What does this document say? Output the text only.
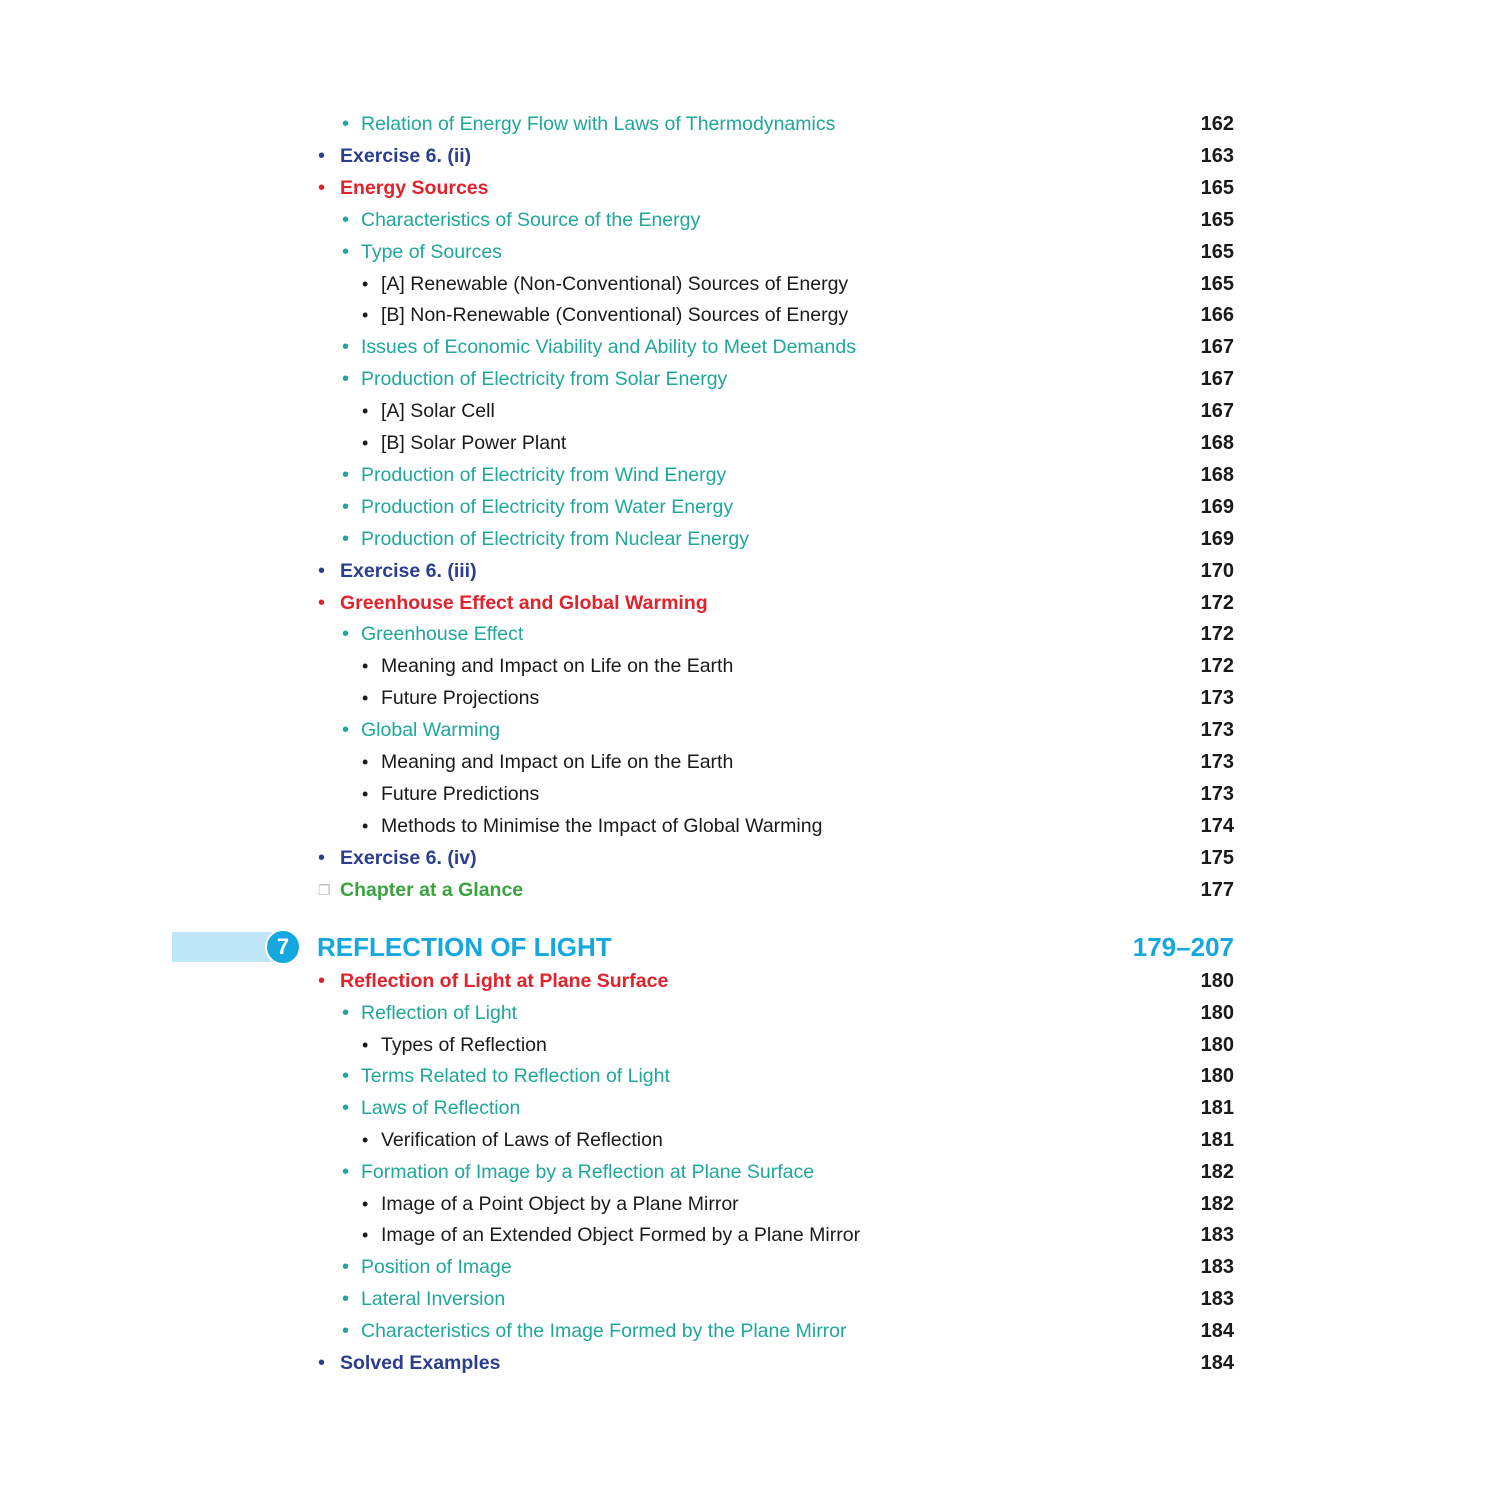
• Relation of Energy Flow with Laws of Thermodynamics	162
• Exercise 6. (ii)	163
• Energy Sources	165
• Characteristics of Source of the Energy	165
• Type of Sources	165
• [A] Renewable (Non-Conventional) Sources of Energy	165
• [B] Non-Renewable (Conventional) Sources of Energy	166
• Issues of Economic Viability and Ability to Meet Demands	167
• Production of Electricity from Solar Energy	167
• [A] Solar Cell	167
• [B] Solar Power Plant	168
• Production of Electricity from Wind Energy	168
• Production of Electricity from Water Energy	169
• Production of Electricity from Nuclear Energy	169
• Exercise 6. (iii)	170
• Greenhouse Effect and Global Warming	172
• Greenhouse Effect	172
• Meaning and Impact on Life on the Earth	172
• Future Projections	173
• Global Warming	173
• Meaning and Impact on Life on the Earth	173
• Future Predictions	173
• Methods to Minimise the Impact of Global Warming	174
• Exercise 6. (iv)	175
❐ Chapter at a Glance	177
7	REFLECTION OF LIGHT	179–207
• Reflection of Light at Plane Surface	180
• Reflection of Light	180
• Types of Reflection	180
• Terms Related to Reflection of Light	180
• Laws of Reflection	181
• Verification of Laws of Reflection	181
• Formation of Image by a Reflection at Plane Surface	182
• Image of a Point Object by a Plane Mirror	182
• Image of an Extended Object Formed by a Plane Mirror	183
• Position of Image	183
• Lateral Inversion	183
• Characteristics of the Image Formed by the Plane Mirror	184
• Solved Examples	184
